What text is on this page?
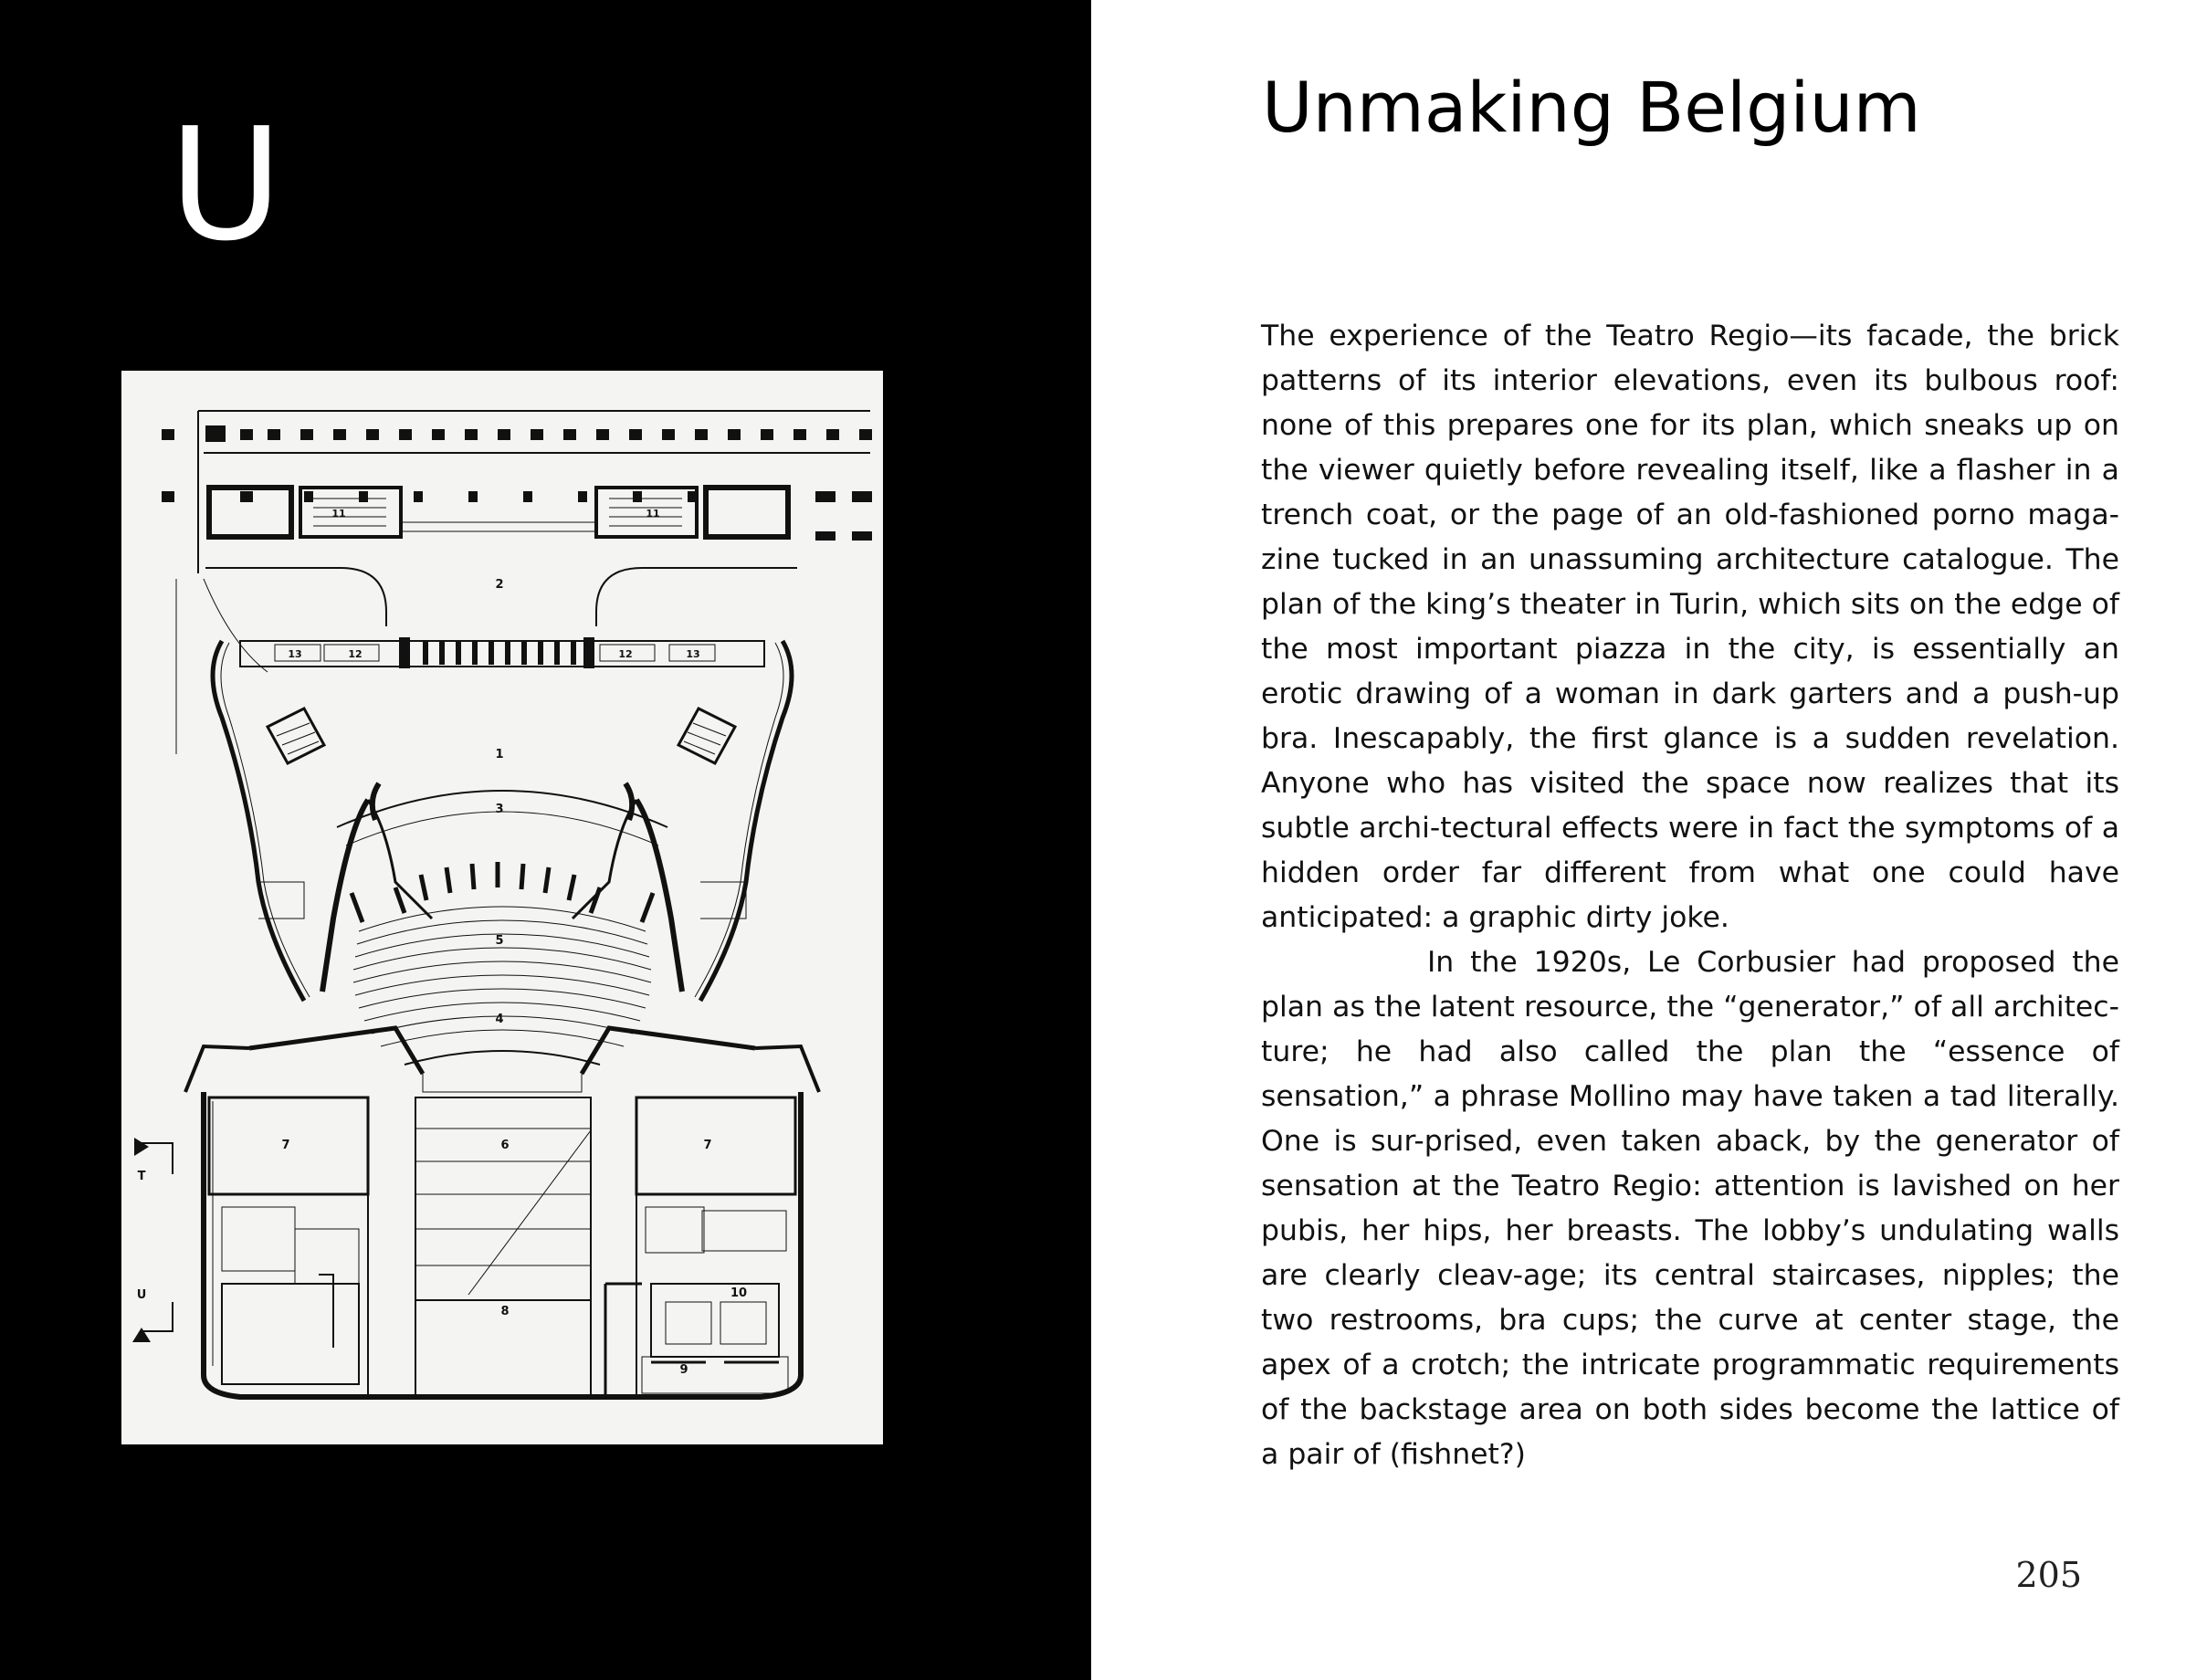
U
1
2
3
4
5
6
7	7
8
9
10
11	11
12	12
13	13
T
U
Unmaking Belgium

The experience of the Teatro Regio—its facade, the brick patterns of its interior elevations, even its bulbous roof: none of this prepares one for its plan, which sneaks up on the viewer quietly before revealing itself, like a flasher in a trench coat, or the page of an old-fashioned porno maga-zine tucked in an unassuming architecture catalogue. The plan of the king’s theater in Turin, which sits on the edge of the most important piazza in the city, is essentially an erotic drawing of a woman in dark garters and a push-up bra. Inescapably, the first glance is a sudden revelation. Anyone who has visited the space now realizes that its subtle archi-tectural effects were in fact the symptoms of a hidden order far different from what one could have anticipated: a graphic dirty joke.

In the 1920s, Le Corbusier had proposed the plan as the latent resource, the “generator,” of all architec-ture; he had also called the plan the “essence of sensation,” a phrase Mollino may have taken a tad literally. One is sur-prised, even taken aback, by the generator of sensation at the Teatro Regio: attention is lavished on her pubis, her hips, her breasts. The lobby’s undulating walls are clearly cleav-age; its central staircases, nipples; the two restrooms, bra cups; the curve at center stage, the apex of a crotch; the intricate programmatic requirements of the backstage area on both sides become the lattice of a pair of (fishnet?)

205
